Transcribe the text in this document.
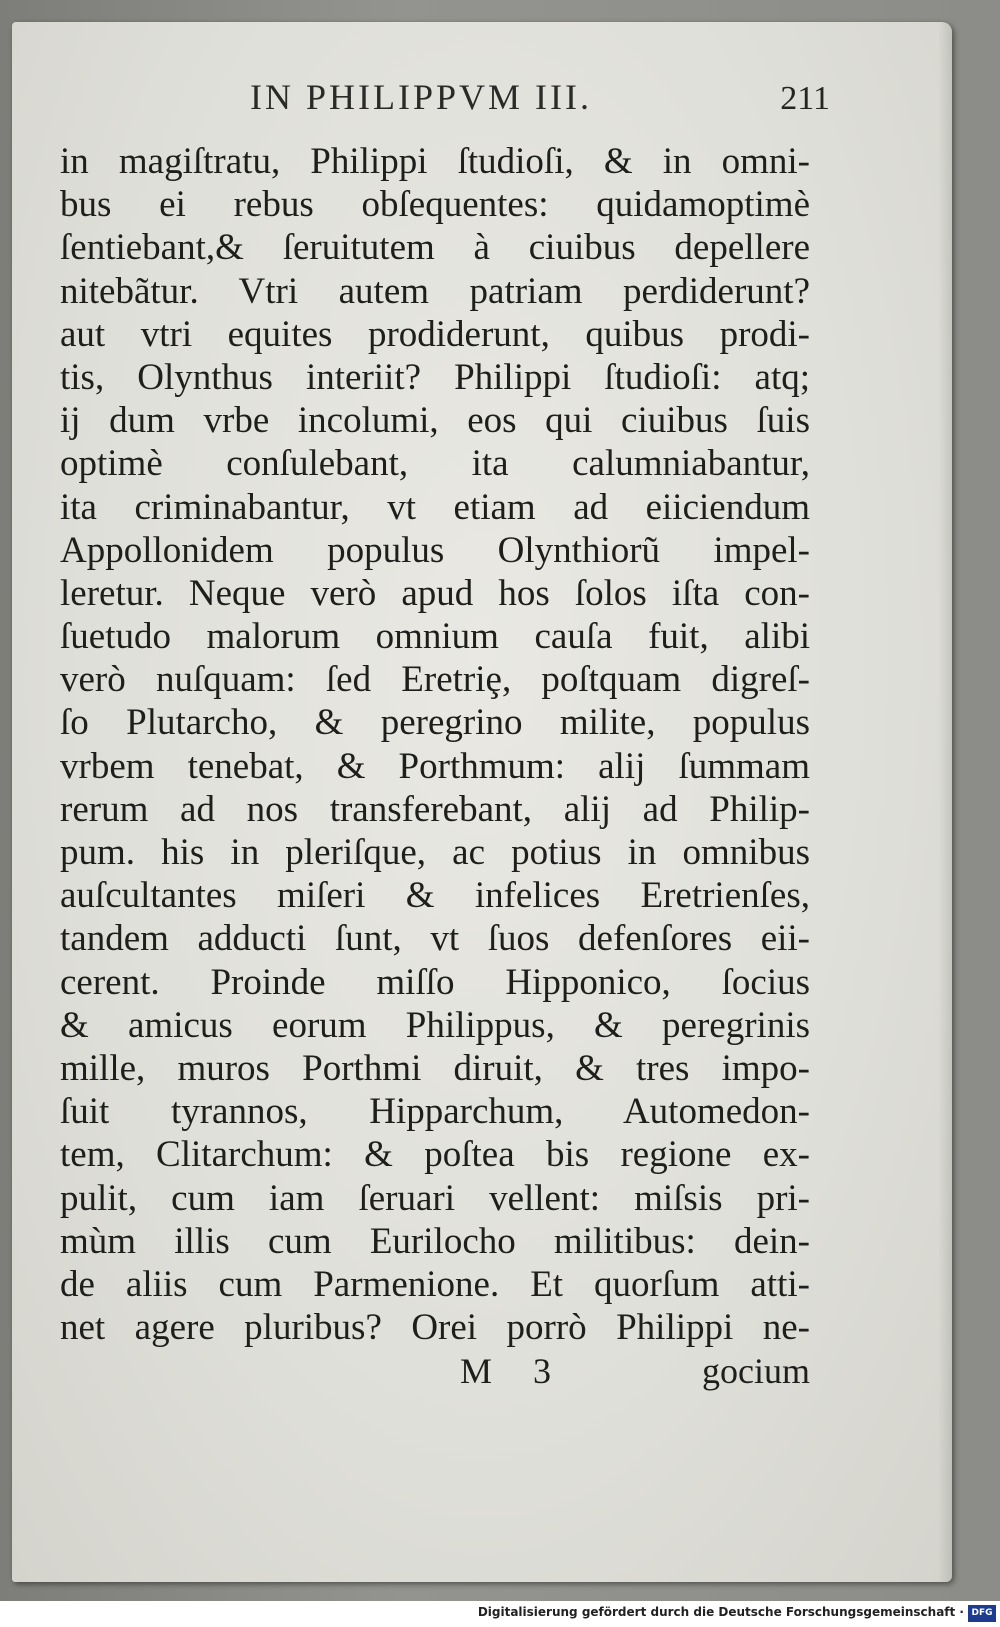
IN PHILIPPVM III.	211
in magiſtratu, Philippi ſtudioſi, & in omni-
bus ei rebus obſequentes: quidamoptimè
ſentiebant,& ſeruitutem à ciuibus depellere
nitebãtur. Vtri autem patriam perdiderunt?
aut vtri equites prodiderunt, quibus prodi-
tis, Olynthus interiit? Philippi ſtudioſi: atq;
ij dum vrbe incolumi, eos qui ciuibus ſuis
optimè conſulebant, ita calumniabantur,
ita criminabantur, vt etiam ad eiiciendum
Appollonidem populus Olynthiorũ impel-
leretur. Neque verò apud hos ſolos iſta con-
ſuetudo malorum omnium cauſa fuit, alibi
verò nuſquam: ſed Eretriȩ, poſtquam digreſ-
ſo Plutarcho, & peregrino milite, populus
vrbem tenebat, & Porthmum: alij ſummam
rerum ad nos transferebant, alij ad Philip-
pum. his in pleriſque, ac potius in omnibus
auſcultantes miſeri & infelices Eretrienſes,
tandem adducti ſunt, vt ſuos defenſores eii-
cerent. Proinde miſſo Hipponico, ſocius
& amicus eorum Philippus, & peregrinis
mille, muros Porthmi diruit, & tres impo-
ſuit tyrannos, Hipparchum, Automedon-
tem, Clitarchum: & poſtea bis regione ex-
pulit, cum iam ſeruari vellent: miſsis pri-
mùm illis cum Eurilocho militibus: dein-
de aliis cum Parmenione. Et quorſum atti-
net agere pluribus? Orei porrò Philippi ne-
M 3	gocium
Digitalisierung gefördert durch die Deutsche Forschungsgemeinschaft · DFG
